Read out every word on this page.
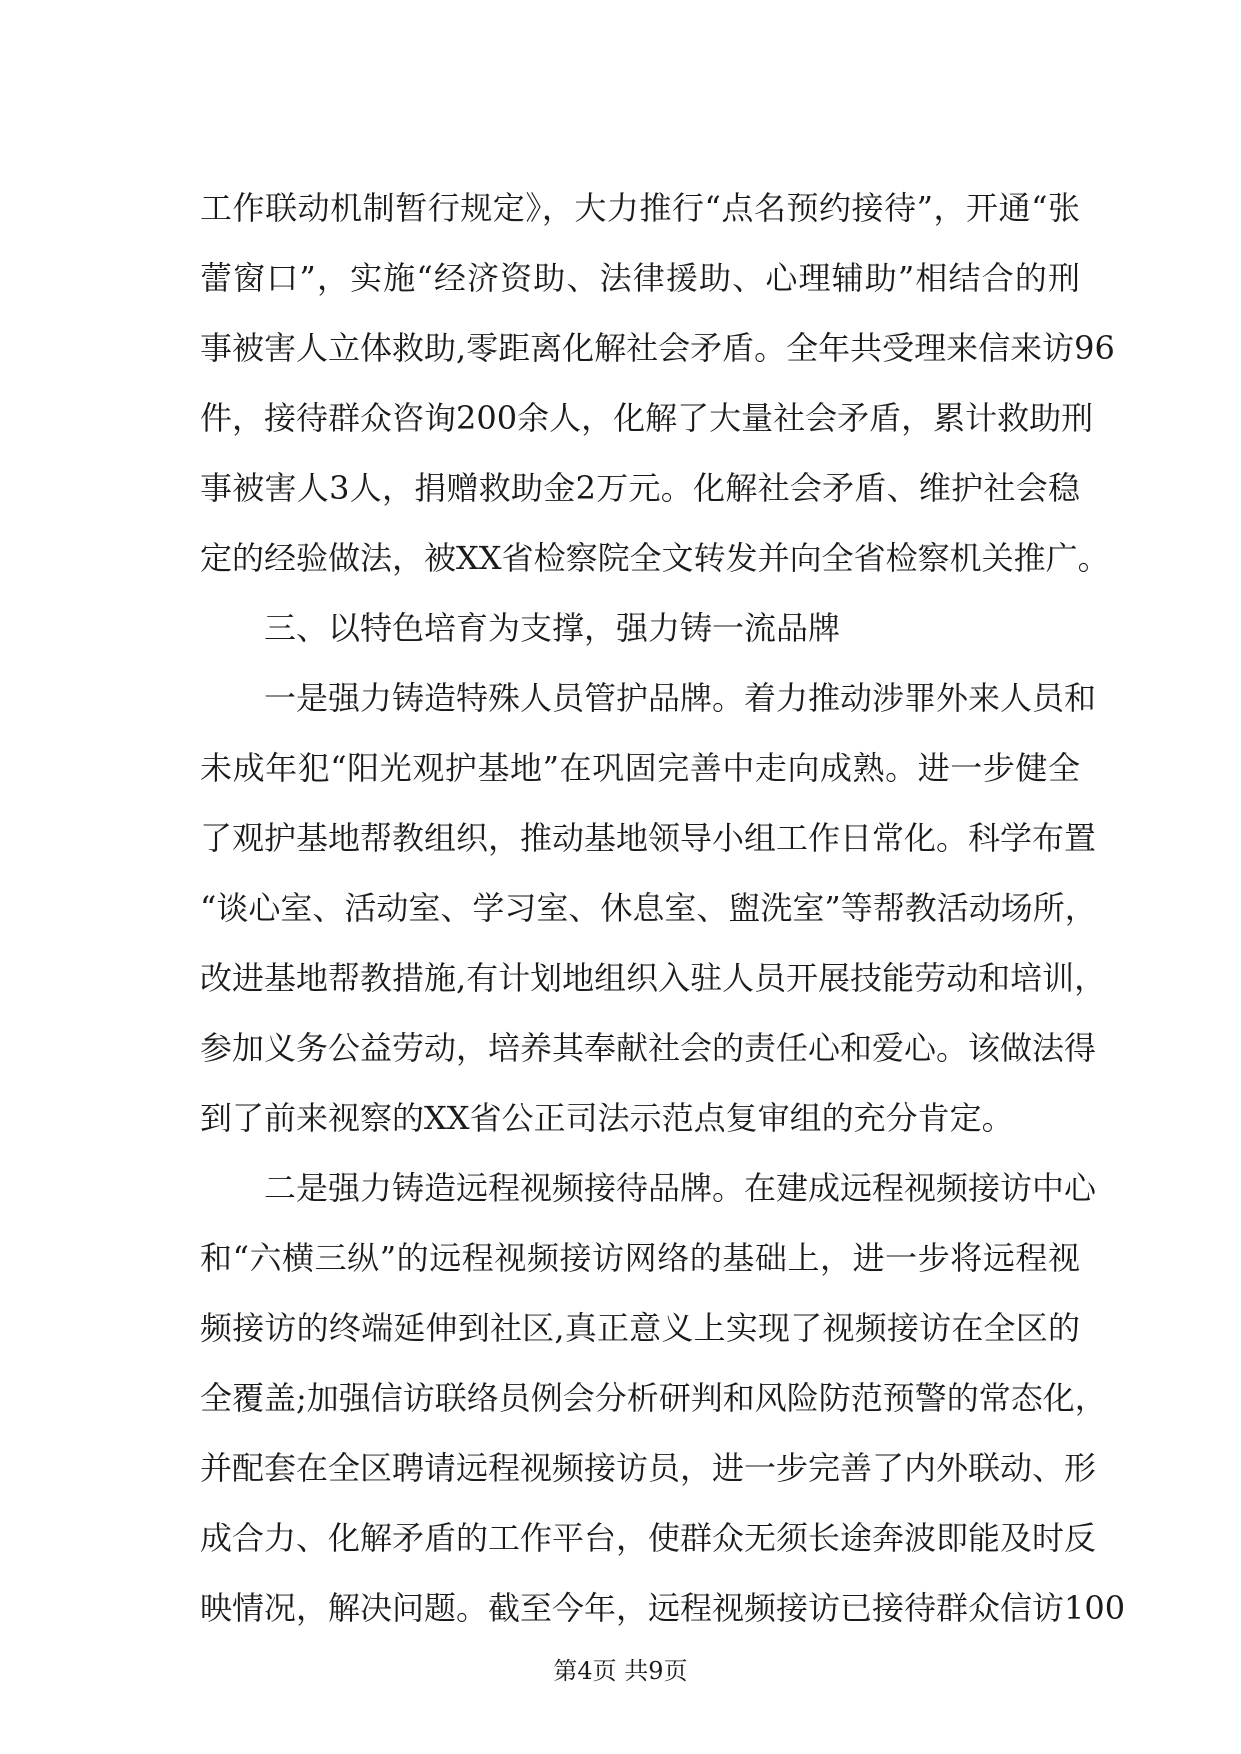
工作联动机制暂行规定》，大力推行“点名预约接待”，开通“张
蕾窗口”，实施“经济资助、法律援助、心理辅助”相结合的刑
事被害人立体救助,零距离化解社会矛盾。全年共受理来信来访96
件，接待群众咨询200余人，化解了大量社会矛盾，累计救助刑
事被害人3人，捐赠救助金2万元。化解社会矛盾、维护社会稳
定的经验做法，被XX省检察院全文转发并向全省检察机关推广。
三、以特色培育为支撑，强力铸一流品牌
一是强力铸造特殊人员管护品牌。着力推动涉罪外来人员和
未成年犯“阳光观护基地”在巩固完善中走向成熟。进一步健全
了观护基地帮教组织，推动基地领导小组工作日常化。科学布置
“谈心室、活动室、学习室、休息室、盥洗室”等帮教活动场所，
改进基地帮教措施,有计划地组织入驻人员开展技能劳动和培训，
参加义务公益劳动，培养其奉献社会的责任心和爱心。该做法得
到了前来视察的XX省公正司法示范点复审组的充分肯定。
二是强力铸造远程视频接待品牌。在建成远程视频接访中心
和“六横三纵”的远程视频接访网络的基础上，进一步将远程视
频接访的终端延伸到社区,真正意义上实现了视频接访在全区的
全覆盖;加强信访联络员例会分析研判和风险防范预警的常态化，
并配套在全区聘请远程视频接访员，进一步完善了内外联动、形
成合力、化解矛盾的工作平台，使群众无须长途奔波即能及时反
映情况，解决问题。截至今年，远程视频接访已接待群众信访100
第4页 共9页
